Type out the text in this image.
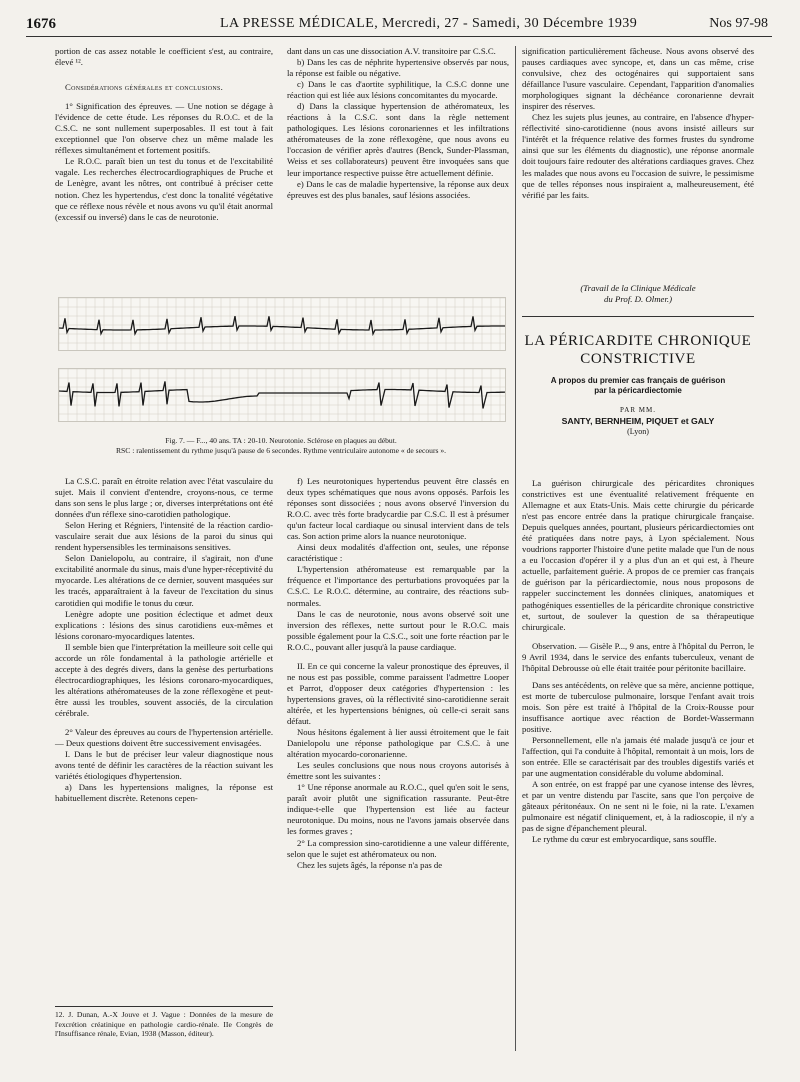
1676	LA PRESSE MÉDICALE, Mercredi, 27 - Samedi, 30 Décembre 1939	Nos 97-98

portion de cas assez notable le coefficient s'est, au contraire, élevé ¹².

Considérations générales et conclusions.

1° Signification des épreuves. — Une notion se dégage à l'évidence de cette étude. Les réponses du R.O.C. et de la C.S.C. ne sont nullement superposables. Il est tout à fait exceptionnel que l'on observe chez un même malade les réflexes simultanément et fortement positifs.

Le R.O.C. paraît bien un test du tonus et de l'excitabilité vagale. Les recherches électrocardiographiques de Pruche et de Lenègre, avant les nôtres, ont contribué à préciser cette notion. Chez les hypertendus, c'est donc la tonalité végétative que ce réflexe nous révèle et nous avons vu qu'il était anormal (excessif ou inversé) dans le cas de neurotonie.

dant dans un cas une dissociation A.V. transitoire par C.S.C.

b) Dans les cas de néphrite hypertensive observés par nous, la réponse est faible ou négative.

c) Dans le cas d'aortite syphilitique, la C.S.C donne une réaction qui est liée aux lésions concomitantes du myocarde.

d) Dans la classique hypertension de athéromateux, les réactions à la C.S.C. sont dans la règle nettement pathologiques. Les lésions coronariennes et les infiltrations athéromateuses de la zone réflexogène, que nous avons eu l'occasion de vérifier après d'autres (Benck, Sunder-Plassman, Weiss et ses collaborateurs) peuvent être invoquées sans que leur importance respective puisse être actuellement définie.

e) Dans le cas de maladie hypertensive, la réponse aux deux épreuves est des plus banales, sauf lésions associées.

signification particulièrement fâcheuse. Nous avons observé des pauses cardiaques avec syncope, et, dans un cas même, crise convulsive, chez des octogénaires qui supportaient sans défaillance l'usure vasculaire. Cependant, l'apparition d'anomalies morphologiques signant la déchéance coronarienne devrait inspirer des réserves.

Chez les sujets plus jeunes, au contraire, en l'absence d'hyper-réflectivité sino-carotidienne (nous avons insisté ailleurs sur l'intérêt et la fréquence relative des formes frustes du syndrome ainsi que sur les éléments du diagnostic), une réponse anormale doit toujours faire redouter des altérations cardiaques graves. Chez les malades que nous avons eu l'occasion de suivre, le pessimisme que de telles réponses nous inspiraient a, malheureusement, été vérifié par les faits.

(Travail de la Clinique Médicale
du Prof. D. Olmer.)
Fig. 7. — F..., 40 ans. TA : 20-10. Neurotonie. Sclérose en plaques au début.
RSC : ralentissement du rythme jusqu'à pause de 6 secondes. Rythme ventriculaire autonome « de secours ».

La C.S.C. paraît en étroite relation avec l'état vasculaire du sujet. Mais il convient d'entendre, croyons-nous, ce terme dans son sens le plus large ; or, diverses interprétations ont été données d'un réflexe sino-carotidien pathologique.

Selon Hering et Régniers, l'intensité de la réaction cardio-vasculaire serait due aux lésions de la paroi du sinus qui rendent hypersensibles les terminaisons sensitives.

Selon Danielopolu, au contraire, il s'agirait, non d'une excitabilité anormale du sinus, mais d'une hyper-réceptivité du myocarde. Les altérations de ce dernier, souvent masquées sur les tracés, apparaîtraient à la faveur de l'excitation du sinus carotidien qui modifie le tonus du cœur.

Lenègre adopte une position éclectique et admet deux explications : lésions des sinus carotidiens eux-mêmes et lésions coronaro-myocardiques latentes.

Il semble bien que l'interprétation la meilleure soit celle qui accorde un rôle fondamental à la pathologie artérielle et accepte à des degrés divers, dans la genèse des perturbations électrocardiographiques, les lésions coronaro-myocardiques, les altérations athéromateuses de la zone réflexogène et peut-être aussi les troubles, souvent associés, de la circulation cérébrale.

2° Valeur des épreuves au cours de l'hypertension artérielle. — Deux questions doivent être successivement envisagées.

I. Dans le but de préciser leur valeur diagnostique nous avons tenté de définir les caractères de la réaction suivant les variétés étiologiques d'hypertension.

a) Dans les hypertensions malignes, la réponse est habituellement discrète. Retenons cepen-

12. J. Dunan, A.-X Jouve et J. Vague : Données de la mesure de l'excrétion créatinique en pathologie cardio-rénale. IIe Congrès de l'Insuffisance rénale, Evian, 1938 (Masson, éditeur).

f) Les neurotoniques hypertendus peuvent être classés en deux types schématiques que nous avons opposés. Parfois les réponses sont dissociées ; nous avons observé l'inversion du R.O.C. avec très forte bradycardie par C.S.C. Il est à présumer qu'un facteur local cardiaque ou sinusal intervient dans de tels cas. Son action prime alors la nuance neurotonique.

Ainsi deux modalités d'affection ont, seules, une réponse caractéristique :

L'hypertension athéromateuse est remarquable par la fréquence et l'importance des perturbations provoquées par la C.S.C. Le R.O.C. détermine, au contraire, des réactions sub-normales.

Dans le cas de neurotonie, nous avons observé soit une inversion des réflexes, nette surtout pour le R.O.C. mais possible également pour la C.S.C., soit une forte réaction par le R.O.C., pouvant aller jusqu'à la pause cardiaque.

II. En ce qui concerne la valeur pronostique des épreuves, il ne nous est pas possible, comme paraissent l'admettre Looper et Parrot, d'opposer deux catégories d'hypertension : les hypertensions graves, où la réflectivité sino-carotidienne serait altérée, et les hypertensions bénignes, où celle-ci serait sans défaut.

Nous hésitons également à lier aussi étroitement que le fait Danielopolu une réponse pathologique par C.S.C. à une altération myocardo-coronarienne.

Les seules conclusions que nous nous croyons autorisés à émettre sont les suivantes :

1° Une réponse anormale au R.O.C., quel qu'en soit le sens, paraît avoir plutôt une signification rassurante. Peut-être indique-t-elle que l'hypertension est liée au facteur neurotonique. Du moins, nous ne l'avons jamais observée dans les formes graves ;

2° La compression sino-carotidienne a une valeur différente, selon que le sujet est athéromateux ou non.

Chez les sujets âgés, la réponse n'a pas de

LA PÉRICARDITE CHRONIQUE
CONSTRICTIVE
A propos du premier cas français de guérison
par la péricardiectomie
PAR MM.
SANTY, BERNHEIM, PIQUET et GALY
(Lyon)

La guérison chirurgicale des péricardites chroniques constrictives est une éventualité relativement fréquente en Allemagne et aux Etats-Unis. Mais cette chirurgie du péricarde n'est pas encore entrée dans la pratique chirurgicale française. Depuis quelques années, pourtant, plusieurs péricardiectomies ont été pratiquées dans notre pays, à Lyon spécialement. Nous voudrions rapporter l'histoire d'une petite malade que l'un de nous a eu l'occasion d'opérer il y a plus d'un an et qui est, à l'heure actuelle, parfaitement guérie. A propos de ce premier cas français de guérison par la péricardiectomie, nous nous proposons de rappeler succinctement les données cliniques, anatomiques et pathogéniques essentielles de la péricardite chronique constrictive et, surtout, de soulever la question de sa thérapeutique chirurgicale.

Observation. — Gisèle P..., 9 ans, entre à l'hôpital du Perron, le 9 Avril 1934, dans le service des enfants tuberculeux, venant de l'hôpital Debrousse où elle était traitée pour péritonite bacillaire.

Dans ses antécédents, on relève que sa mère, ancienne pottique, est morte de tuberculose pulmonaire, lorsque l'enfant avait trois mois. Son père est traité à l'hôpital de la Croix-Rousse pour insuffisance aortique avec réaction de Bordet-Wassermann positive.

Personnellement, elle n'a jamais été malade jusqu'à ce jour et l'affection, qui l'a conduite à l'hôpital, remontait à un mois, lors de son entrée. Elle se caractérisait par des troubles digestifs variés et par une augmentation considérable du volume abdominal.

A son entrée, on est frappé par une cyanose intense des lèvres, et par un ventre distendu par l'ascite, sans que l'on perçoive de gâteaux péritonéaux. On ne sent ni le foie, ni la rate. L'examen pulmonaire est négatif cliniquement, et, à la radioscopie, il n'y a pas de signe d'épanchement pleural.

Le rythme du cœur est embryocardique, sans souffle.
